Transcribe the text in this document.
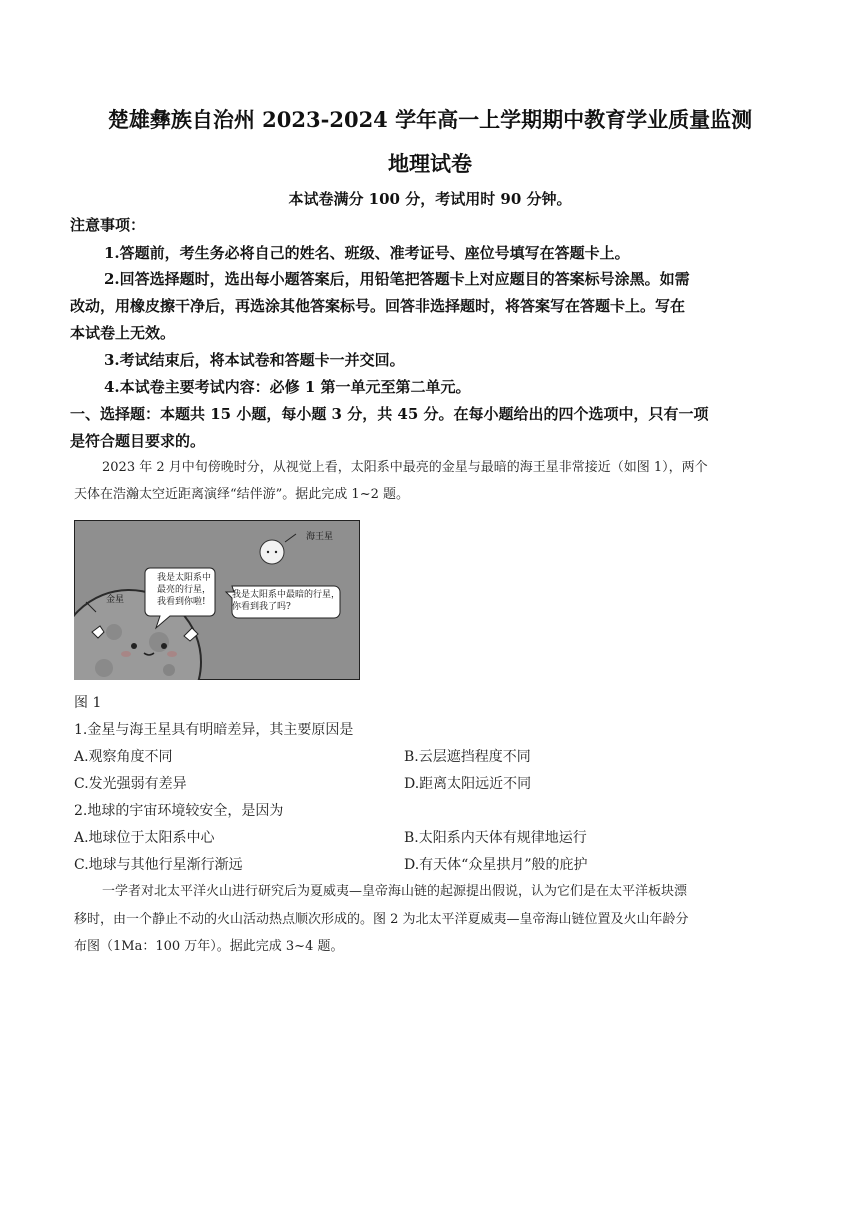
楚雄彝族自治州 2023-2024 学年高一上学期期中教育学业质量监测
地理试卷
本试卷满分 100 分，考试用时 90 分钟。
注意事项：
1.答题前，考生务必将自己的姓名、班级、准考证号、座位号填写在答题卡上。
2.回答选择题时，选出每小题答案后，用铅笔把答题卡上对应题目的答案标号涂黑。如需
改动，用橡皮擦干净后，再选涂其他答案标号。回答非选择题时，将答案写在答题卡上。写在
本试卷上无效。
3.考试结束后，将本试卷和答题卡一并交回。
4.本试卷主要考试内容：必修 1 第一单元至第二单元。
一、选择题：本题共 15 小题，每小题 3 分，共 45 分。在每小题给出的四个选项中，只有一项
是符合题目要求的。
2023 年 2 月中旬傍晚时分，从视觉上看，太阳系中最亮的金星与最暗的海王星非常接近（如图 1），两个
天体在浩瀚太空近距离演绎“结伴游”。据此完成 1~2 题。
海王星
金星
我是太阳系中
最亮的行星，
我看到你啦!
我是太阳系中最暗的行星，
你看到我了吗?
图 1
1.金星与海王星具有明暗差异，其主要原因是
A.观察角度不同	B.云层遮挡程度不同
C.发光强弱有差异	D.距离太阳远近不同
2.地球的宇宙环境较安全，是因为
A.地球位于太阳系中心	B.太阳系内天体有规律地运行
C.地球与其他行星渐行渐远	D.有天体“众星拱月”般的庇护
一学者对北太平洋火山进行研究后为夏威夷—皇帝海山链的起源提出假说，认为它们是在太平洋板块漂
移时，由一个静止不动的火山活动热点顺次形成的。图 2 为北太平洋夏威夷—皇帝海山链位置及火山年龄分
布图（1Ma：100 万年）。据此完成 3~4 题。
